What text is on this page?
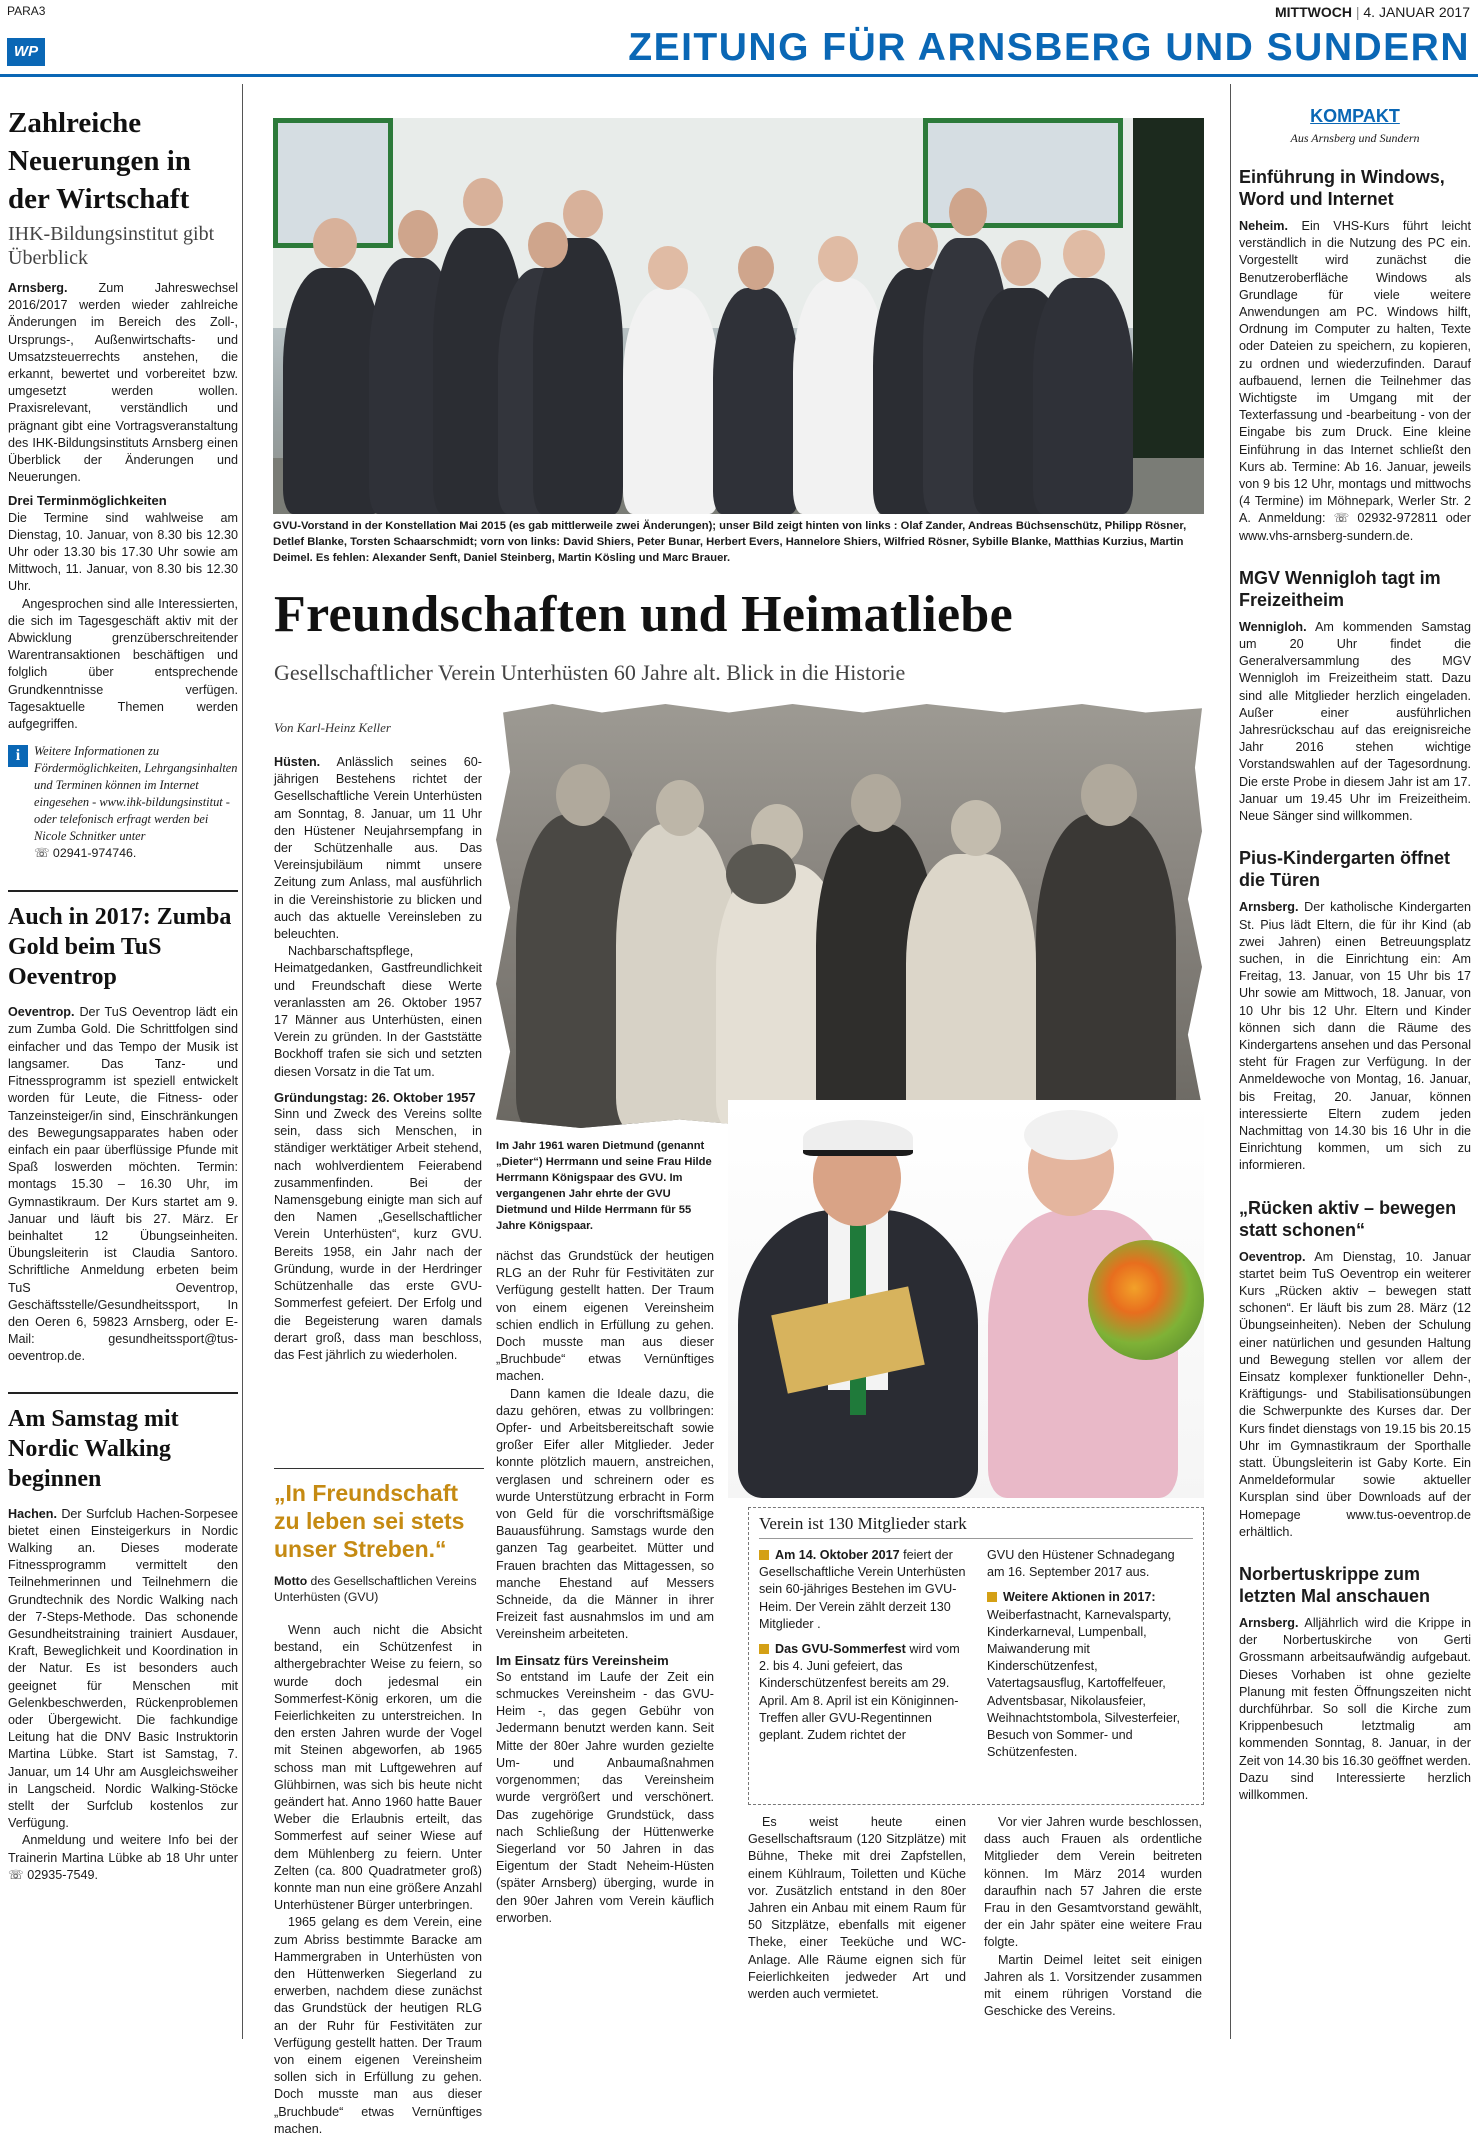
PARA3
WP
MITTWOCH | 4. JANUAR 2017
ZEITUNG FÜR ARNSBERG UND SUNDERN
Zahlreiche Neuerungen in der Wirtschaft
IHK-Bildungsinstitut gibt Überblick

Arnsberg. Zum Jahreswechsel 2016/2017 werden wieder zahlreiche Änderungen im Bereich des Zoll-, Ursprungs-, Außenwirtschafts- und Umsatzsteuerrechts anstehen, die erkannt, bewertet und vorbereitet bzw. umgesetzt werden wollen. Praxisrelevant, verständlich und prägnant gibt eine Vortragsveranstaltung des IHK-Bildungsinstituts Arnsberg einen Überblick der Änderungen und Neuerungen.

Drei Terminmöglichkeiten

Die Termine sind wahlweise am Dienstag, 10. Januar, von 8.30 bis 12.30 Uhr oder 13.30 bis 17.30 Uhr sowie am Mittwoch, 11. Januar, von 8.30 bis 12.30 Uhr.

Angesprochen sind alle Interessierten, die sich im Tagesgeschäft aktiv mit der Abwicklung grenzüberschreitender Warentransaktionen beschäftigen und folglich über entsprechende Grundkenntnisse verfügen. Tagesaktuelle Themen werden aufgegriffen.

i	Weitere Informationen zu Fördermöglichkeiten, Lehrgangsinhalten und Terminen können im Internet eingesehen - www.ihk-bildungsinstitut - oder telefonisch erfragt werden bei Nicole Schnitker unter
☏ 02941-974746.
Auch in 2017: Zumba Gold beim TuS Oeventrop

Oeventrop. Der TuS Oeventrop lädt ein zum Zumba Gold. Die Schrittfolgen sind einfacher und das Tempo der Musik ist langsamer. Das Tanz- und Fitnessprogramm ist speziell entwickelt worden für Leute, die Fitness- oder Tanzeinsteiger/in sind, Einschränkungen des Bewegungsapparates haben oder einfach ein paar überflüssige Pfunde mit Spaß loswerden möchten. Termin: montags 15.30 – 16.30 Uhr, im Gymnastikraum. Der Kurs startet am 9. Januar und läuft bis 27. März. Er beinhaltet 12 Übungseinheiten. Übungsleiterin ist Claudia Santoro. Schriftliche Anmeldung erbeten beim TuS Oeventrop, Geschäftsstelle/Gesundheitssport, In den Oeren 6, 59823 Arnsberg, oder E-Mail: gesundheitssport@tus-oeventrop.de.

Am Samstag mit Nordic Walking beginnen

Hachen. Der Surfclub Hachen-Sorpesee bietet einen Einsteigerkurs in Nordic Walking an. Dieses moderate Fitnessprogramm vermittelt den Teilnehmerinnen und Teilnehmern die Grundtechnik des Nordic Walking nach der 7-Steps-Methode. Das schonende Gesundheitstraining trainiert Ausdauer, Kraft, Beweglichkeit und Koordination in der Natur. Es ist besonders auch geeignet für Menschen mit Gelenkbeschwerden, Rückenproblemen oder Übergewicht. Die fachkundige Leitung hat die DNV Basic Instruktorin Martina Lübke. Start ist Samstag, 7. Januar, um 14 Uhr am Ausgleichsweiher in Langscheid. Nordic Walking-Stöcke stellt der Surfclub kostenlos zur Verfügung.

Anmeldung und weitere Info bei der Trainerin Martina Lübke ab 18 Uhr unter ☏ 02935-7549.

GVU-Vorstand in der Konstellation Mai 2015 (es gab mittlerweile zwei Änderungen); unser Bild zeigt hinten von links : Olaf Zander, Andreas Büchsenschütz, Philipp Rösner, Detlef Blanke, Torsten Schaarschmidt; vorn von links: David Shiers, Peter Bunar, Herbert Evers, Hannelore Shiers, Wilfried Rösner, Sybille Blanke, Matthias Kurzius, Martin Deimel. Es fehlen: Alexander Senft, Daniel Steinberg, Martin Kösling und Marc Brauer.
Freundschaften und Heimatliebe
Gesellschaftlicher Verein Unterhüsten 60 Jahre alt. Blick in die Historie
Von Karl-Heinz Keller

Hüsten. Anlässlich seines 60-jährigen Bestehens richtet der Gesellschaftliche Verein Unterhüsten am Sonntag, 8. Januar, um 11 Uhr den Hüstener Neujahrsempfang in der Schützenhalle aus. Das Vereinsjubiläum nimmt unsere Zeitung zum Anlass, mal ausführlich in die Vereinshistorie zu blicken und auch das aktuelle Vereinsleben zu beleuchten.

Nachbarschaftspflege, Heimatgedanken, Gastfreundlichkeit und Freundschaft diese Werte veranlassten am 26. Oktober 1957 17 Männer aus Unterhüsten, einen Verein zu gründen. In der Gaststätte Bockhoff trafen sie sich und setzten diesen Vorsatz in die Tat um.

Gründungstag: 26. Oktober 1957

Sinn und Zweck des Vereins sollte sein, dass sich Menschen, in ständiger werktätiger Arbeit stehend, nach wohlverdientem Feierabend zusammenfinden. Bei der Namensgebung einigte man sich auf den Namen „Gesellschaftlicher Verein Unterhüsten“, kurz GVU. Bereits 1958, ein Jahr nach der Gründung, wurde in der Herdringer Schützenhalle das erste GVU-Sommerfest gefeiert. Der Erfolg und die Begeisterung waren damals derart groß, dass man beschloss, das Fest jährlich zu wiederholen.

„In Freundschaft zu leben sei stets unser Streben.“
Motto des Gesellschaftlichen Vereins Unterhüsten (GVU)

Wenn auch nicht die Absicht bestand, ein Schützenfest in althergebrachter Weise zu feiern, so wurde doch jedesmal ein Sommerfest-König erkoren, um die Feierlichkeiten zu unterstreichen. In den ersten Jahren wurde der Vogel mit Steinen abgeworfen, ab 1965 schoss man mit Luftgewehren auf Glühbirnen, was sich bis heute nicht geändert hat. Anno 1960 hatte Bauer Weber die Erlaubnis erteilt, das Sommerfest auf seiner Wiese auf dem Mühlenberg zu feiern. Unter Zelten (ca. 800 Quadratmeter groß) konnte man nun eine größere Anzahl Unterhüstener Bürger unterbringen.

1965 gelang es dem Verein, eine zum Abriss bestimmte Baracke am Hammergraben in Unterhüsten von den Hüttenwerken Siegerland zu erwerben, nachdem diese zunächst das Grundstück der heutigen RLG an der Ruhr für Festivitäten zur Verfügung gestellt hatten. Der Traum von einem eigenen Vereinsheim sollen sich in Erfüllung zu gehen. Doch musste man aus dieser „Bruchbude“ etwas Vernünftiges machen.

Im Jahr 1961 waren Dietmund (genannt „Dieter“) Herrmann und seine Frau Hilde Herrmann Königspaar des GVU. Im vergangenen Jahr ehrte der GVU Dietmund und Hilde Herrmann für 55 Jahre Königspaar.

nächst das Grundstück der heutigen RLG an der Ruhr für Festivitäten zur Verfügung gestellt hatten. Der Traum von einem eigenen Vereinsheim schien endlich in Erfüllung zu gehen. Doch musste man aus dieser „Bruchbude“ etwas Vernünftiges machen.

Dann kamen die Ideale dazu, die dazu gehören, etwas zu vollbringen: Opfer- und Arbeitsbereitschaft sowie großer Eifer aller Mitglieder. Jeder konnte plötzlich mauern, anstreichen, verglasen und schreinern oder es wurde Unterstützung erbracht in Form von Geld für die vorschriftsmäßige Bauausführung. Samstags wurde den ganzen Tag gearbeitet. Mütter und Frauen brachten das Mittagessen, so manche Ehestand auf Messers Schneide, da die Männer in ihrer Freizeit fast ausnahmslos im und am Vereinsheim arbeiteten.

Im Einsatz fürs Vereinsheim

So entstand im Laufe der Zeit ein schmuckes Vereinsheim - das GVU-Heim -, das gegen Gebühr von Jedermann benutzt werden kann. Seit Mitte der 80er Jahre wurden gezielte Um- und Anbaumaßnahmen vorgenommen; das Vereinsheim wurde vergrößert und verschönert. Das zugehörige Grundstück, dass nach Schließung der Hüttenwerke Siegerland vor 50 Jahren in das Eigentum der Stadt Neheim-Hüsten (später Arnsberg) überging, wurde in den 90er Jahren vom Verein käuflich erworben.

Verein ist 130 Mitglieder stark
Am 14. Oktober 2017 feiert der Gesellschaftliche Verein Unterhüsten sein 60-jähriges Bestehen im GVU-Heim. Der Verein zählt derzeit 130 Mitglieder .
Das GVU-Sommerfest wird vom 2. bis 4. Juni gefeiert, das Kinderschützenfest bereits am 29. April. Am 8. April ist ein Königinnen-Treffen aller GVU-Regentinnen geplant. Zudem richtet der
GVU den Hüstener Schnadegang am 16. September 2017 aus.
Weitere Aktionen in 2017: Weiberfastnacht, Karnevalsparty, Kinderkarneval, Lumpenball, Maiwanderung mit Kinderschützenfest, Vatertagsausflug, Kartoffelfeuer, Adventsbasar, Nikolausfeier, Weihnachtstombola, Silvesterfeier, Besuch von Sommer- und Schützenfesten.

Es weist heute einen Gesellschaftsraum (120 Sitzplätze) mit Bühne, Theke mit drei Zapfstellen, einem Kühlraum, Toiletten und Küche vor. Zusätzlich entstand in den 80er Jahren ein Anbau mit einem Raum für 50 Sitzplätze, ebenfalls mit eigener Theke, einer Teeküche und WC-Anlage. Alle Räume eignen sich für Feierlichkeiten jedweder Art und werden auch vermietet.

Vor vier Jahren wurde beschlossen, dass auch Frauen als ordentliche Mitglieder dem Verein beitreten können. Im März 2014 wurden daraufhin nach 57 Jahren die erste Frau in den Gesamtvorstand gewählt, der ein Jahr später eine weitere Frau folgte.

Martin Deimel leitet seit einigen Jahren als 1. Vorsitzender zusammen mit einem rührigen Vorstand die Geschicke des Vereins.

KOMPAKT
Aus Arnsberg und Sundern
Einführung in Windows, Word und Internet

Neheim. Ein VHS-Kurs führt leicht verständlich in die Nutzung des PC ein. Vorgestellt wird zunächst die Benutzeroberfläche Windows als Grundlage für viele weitere Anwendungen am PC. Windows hilft, Ordnung im Computer zu halten, Texte oder Dateien zu speichern, zu kopieren, zu ordnen und wiederzufinden. Darauf aufbauend, lernen die Teilnehmer das Wichtigste im Umgang mit der Texterfassung und -bearbeitung - von der Eingabe bis zum Druck. Eine kleine Einführung in das Internet schließt den Kurs ab. Termine: Ab 16. Januar, jeweils von 9 bis 12 Uhr, montags und mittwochs (4 Termine) im Möhnepark, Werler Str. 2 A. Anmeldung: ☏ 02932-972811 oder www.vhs-arnsberg-sundern.de.

MGV Wennigloh tagt im Freizeitheim

Wennigloh. Am kommenden Samstag um 20 Uhr findet die Generalversammlung des MGV Wennigloh im Freizeitheim statt. Dazu sind alle Mitglieder herzlich eingeladen. Außer einer ausführlichen Jahresrückschau auf das ereignisreiche Jahr 2016 stehen wichtige Vorstandswahlen auf der Tagesordnung. Die erste Probe in diesem Jahr ist am 17. Januar um 19.45 Uhr im Freizeitheim. Neue Sänger sind willkommen.

Pius-Kindergarten öffnet die Türen

Arnsberg. Der katholische Kindergarten St. Pius lädt Eltern, die für ihr Kind (ab zwei Jahren) einen Betreuungsplatz suchen, in die Einrichtung ein: Am Freitag, 13. Januar, von 15 Uhr bis 17 Uhr sowie am Mittwoch, 18. Januar, von 10 Uhr bis 12 Uhr. Eltern und Kinder können sich dann die Räume des Kindergartens ansehen und das Personal steht für Fragen zur Verfügung. In der Anmeldewoche von Montag, 16. Januar, bis Freitag, 20. Januar, können interessierte Eltern zudem jeden Nachmittag von 14.30 bis 16 Uhr in die Einrichtung kommen, um sich zu informieren.

„Rücken aktiv – bewegen statt schonen“

Oeventrop. Am Dienstag, 10. Januar startet beim TuS Oeventrop ein weiterer Kurs „Rücken aktiv – bewegen statt schonen“. Er läuft bis zum 28. März (12 Übungseinheiten). Neben der Schulung einer natürlichen und gesunden Haltung und Bewegung stellen vor allem der Einsatz komplexer funktioneller Dehn-, Kräftigungs- und Stabilisationsübungen die Schwerpunkte des Kurses dar. Der Kurs findet dienstags von 19.15 bis 20.15 Uhr im Gymnastikraum der Sporthalle statt. Übungsleiterin ist Gaby Korte. Ein Anmeldeformular sowie aktueller Kursplan sind über Downloads auf der Homepage www.tus-oeventrop.de erhältlich.

Norbertuskrippe zum letzten Mal anschauen

Arnsberg. Alljährlich wird die Krippe in der Norbertuskirche von Gerti Grossmann arbeitsaufwändig aufgebaut. Dieses Vorhaben ist ohne gezielte Planung mit festen Öffnungszeiten nicht durchführbar. So soll die Kirche zum Krippenbesuch letztmalig am kommenden Sonntag, 8. Januar, in der Zeit von 14.30 bis 16.30 geöffnet werden. Dazu sind Interessierte herzlich willkommen.
